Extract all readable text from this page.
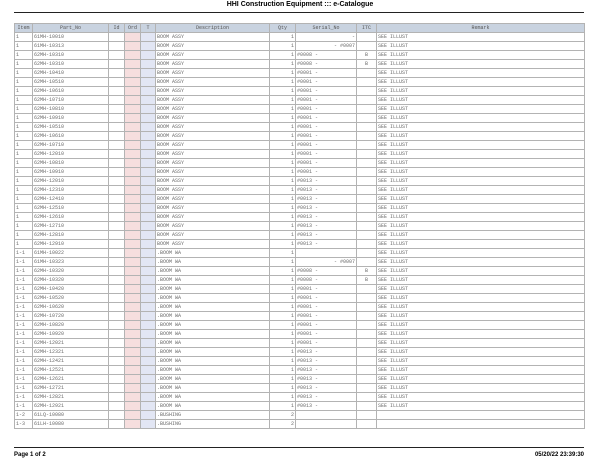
HHI Construction Equipment ::: e-Catalogue
Item	Part_No	Id	Ord	T	Description	Qty	Serial_No	ITC	Remark
1	61MH-10010				BOOM ASSY	1	-		SEE ILLUST
1	61MH-10313				BOOM ASSY	1	- #0007		SEE ILLUST
1	62MH-10310				BOOM ASSY	1	#0008 -	B	SEE ILLUST
1	62MH-10310				BOOM ASSY	1	#0008 -	B	SEE ILLUST
1	62MH-10410				BOOM ASSY	1	#0001 -		SEE ILLUST
1	62MH-10510				BOOM ASSY	1	#0001 -		SEE ILLUST
1	62MH-10610				BOOM ASSY	1	#0001 -		SEE ILLUST
1	62MH-10710				BOOM ASSY	1	#0001 -		SEE ILLUST
1	62MH-10810				BOOM ASSY	1	#0001 -		SEE ILLUST
1	62MH-10910				BOOM ASSY	1	#0001 -		SEE ILLUST
1	62MH-10510				BOOM ASSY	1	#0001 -		SEE ILLUST
1	62MH-10610				BOOM ASSY	1	#0001 -		SEE ILLUST
1	62MH-10710				BOOM ASSY	1	#0001 -		SEE ILLUST
1	62MH-12010				BOOM ASSY	1	#0001 -		SEE ILLUST
1	62MH-10810				BOOM ASSY	1	#0001 -		SEE ILLUST
1	62MH-10910				BOOM ASSY	1	#0001 -		SEE ILLUST
1	62MH-12010				BOOM ASSY	1	#0013 -		SEE ILLUST
1	62MH-12310				BOOM ASSY	1	#0013 -		SEE ILLUST
1	62MH-12410				BOOM ASSY	1	#0013 -		SEE ILLUST
1	62MH-12510				BOOM ASSY	1	#0013 -		SEE ILLUST
1	62MH-12610				BOOM ASSY	1	#0013 -		SEE ILLUST
1	62MH-12710				BOOM ASSY	1	#0013 -		SEE ILLUST
1	62MH-12810				BOOM ASSY	1	#0013 -		SEE ILLUST
1	62MH-12910				BOOM ASSY	1	#0013 -		SEE ILLUST
1-1	61MH-10022				.BOOM WA	1			SEE ILLUST
1-1	61MH-10323				.BOOM WA	1	- #0007		SEE ILLUST
1-1	62MH-10320				.BOOM WA	1	#0008 -	B	SEE ILLUST
1-1	62MH-10320				.BOOM WA	1	#0008 -	B	SEE ILLUST
1-1	62MH-10420				.BOOM WA	1	#0001 -		SEE ILLUST
1-1	62MH-10520				.BOOM WA	1	#0001 -		SEE ILLUST
1-1	62MH-10620				.BOOM WA	1	#0001 -		SEE ILLUST
1-1	62MH-10720				.BOOM WA	1	#0001 -		SEE ILLUST
1-1	62MH-10820				.BOOM WA	1	#0001 -		SEE ILLUST
1-1	62MH-10920				.BOOM WA	1	#0001 -		SEE ILLUST
1-1	62MH-12021				.BOOM WA	1	#0001 -		SEE ILLUST
1-1	62MH-12321				.BOOM WA	1	#0013 -		SEE ILLUST
1-1	62MH-12421				.BOOM WA	1	#0013 -		SEE ILLUST
1-1	62MH-12521				.BOOM WA	1	#0013 -		SEE ILLUST
1-1	62MH-12621				.BOOM WA	1	#0013 -		SEE ILLUST
1-1	62MH-12721				.BOOM WA	1	#0013 -		SEE ILLUST
1-1	62MH-12821				.BOOM WA	1	#0013 -		SEE ILLUST
1-1	62MH-12921				.BOOM WA	1	#0013 -		SEE ILLUST
1-2	61LQ-10080				.BUSHING	2			
1-3	61LH-10080				.BUSHING	2			
Page 1 of 2	05/20/22 23:39:30
